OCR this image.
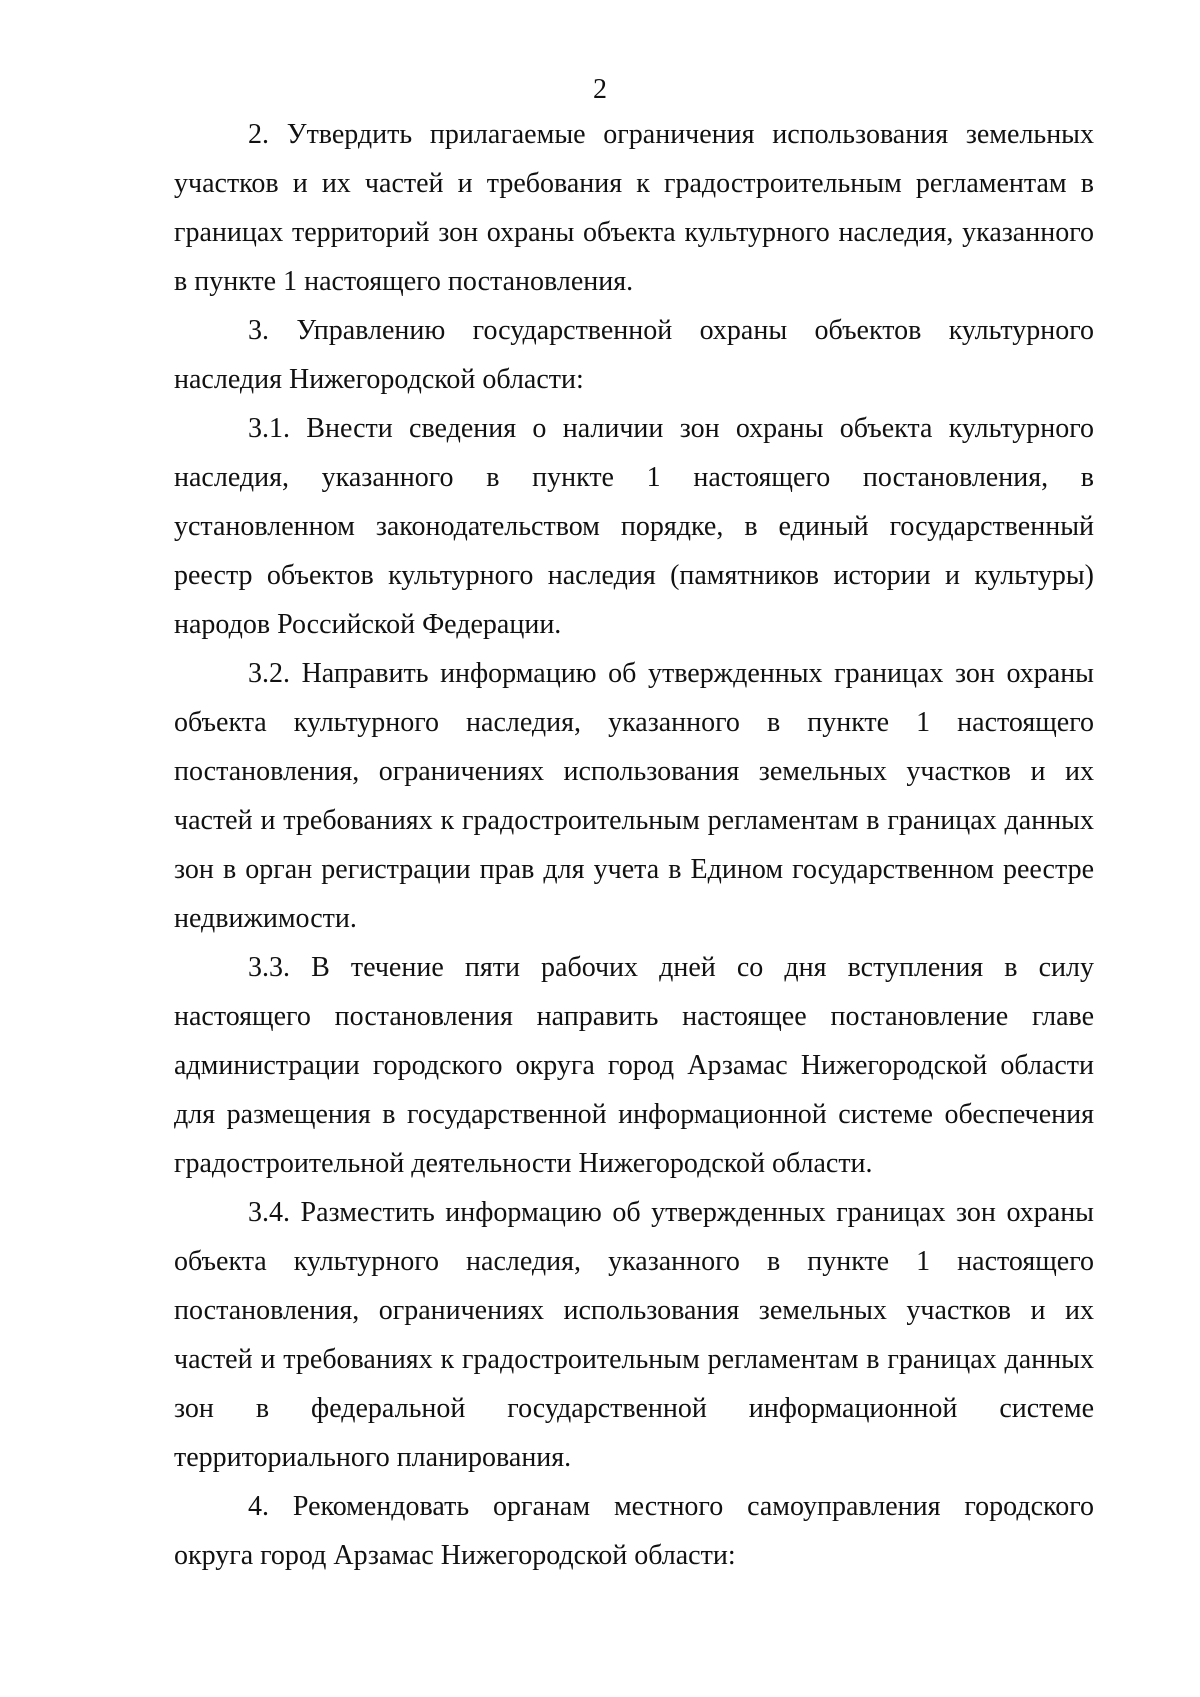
2

2. Утвердить прилагаемые ограничения использования земельных участков и их частей и требования к градостроительным регламентам в границах территорий зон охраны объекта культурного наследия, указанного в пункте 1 настоящего постановления.

3. Управлению государственной охраны объектов культурного наследия Нижегородской области:

3.1. Внести сведения о наличии зон охраны объекта культурного наследия, указанного в пункте 1 настоящего постановления, в установленном законодательством порядке, в единый государственный реестр объектов культурного наследия (памятников истории и культуры) народов Российской Федерации.

3.2. Направить информацию об утвержденных границах зон охраны объекта культурного наследия, указанного в пункте 1 настоящего постановления, ограничениях использования земельных участков и их частей и требованиях к градостроительным регламентам в границах данных зон в орган регистрации прав для учета в Едином государственном реестре недвижимости.

3.3. В течение пяти рабочих дней со дня вступления в силу настоящего постановления направить настоящее постановление главе администрации городского округа город Арзамас Нижегородской области для размещения в государственной информационной системе обеспечения градостроительной деятельности Нижегородской области.

3.4. Разместить информацию об утвержденных границах зон охраны объекта культурного наследия, указанного в пункте 1 настоящего постановления, ограничениях использования земельных участков и их частей и требованиях к градостроительным регламентам в границах данных зон в федеральной государственной информационной системе территориального планирования.

4. Рекомендовать органам местного самоуправления городского округа город Арзамас Нижегородской области:
